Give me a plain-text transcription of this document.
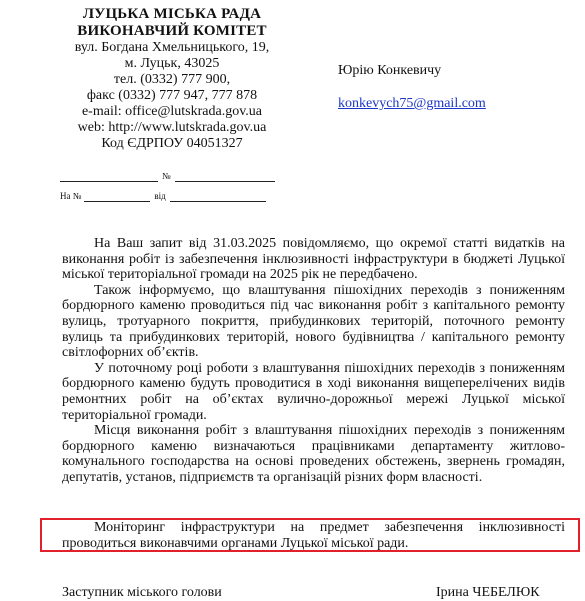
ЛУЦЬКА МІСЬКА РАДА
ВИКОНАВЧИЙ КОМІТЕТ
вул. Богдана Хмельницького, 19,
м. Луцьк, 43025
тел. (0332) 777 900,
факс (0332) 777 947, 777 878
e-mail: office@lutskrada.gov.ua
web: http://www.lutskrada.gov.ua
Код ЄДРПОУ 04051327
№
На №	від
Юрію Конкевичу
konkevych75@gmail.com

На Ваш запит від 31.03.2025 повідомляємо, що окремої статті видатків на виконання робіт із забезпечення інклюзивності інфраструктури в бюджеті Луцької міської територіальної громади на 2025 рік не передбачено.

Також інформуємо, що влаштування пішохідних переходів з пониженням бордюрного каменю проводиться під час виконання робіт з капітального ремонту вулиць, тротуарного покриття, прибудинкових територій, поточного ремонту вулиць та прибудинкових територій, нового будівництва / капітального ремонту світлофорних об’єктів.

У поточному році роботи з влаштування пішохідних переходів з пониженням бордюрного каменю будуть проводитися в ході виконання вищеперелічених видів ремонтних робіт на об’єктах вулично-дорожньої мережі Луцької міської територіальної громади.

Місця виконання робіт з влаштування пішохідних переходів з пониженням бордюрного каменю визначаються працівниками департаменту житлово-комунального господарства на основі проведених обстежень, звернень громадян, депутатів, установ, підприємств та організацій різних форм власності.

Моніторинг інфраструктури на предмет забезпечення інклюзивності проводиться виконавчими органами Луцької міської ради.

Заступник міського голови	Ірина ЧЕБЕЛЮК
